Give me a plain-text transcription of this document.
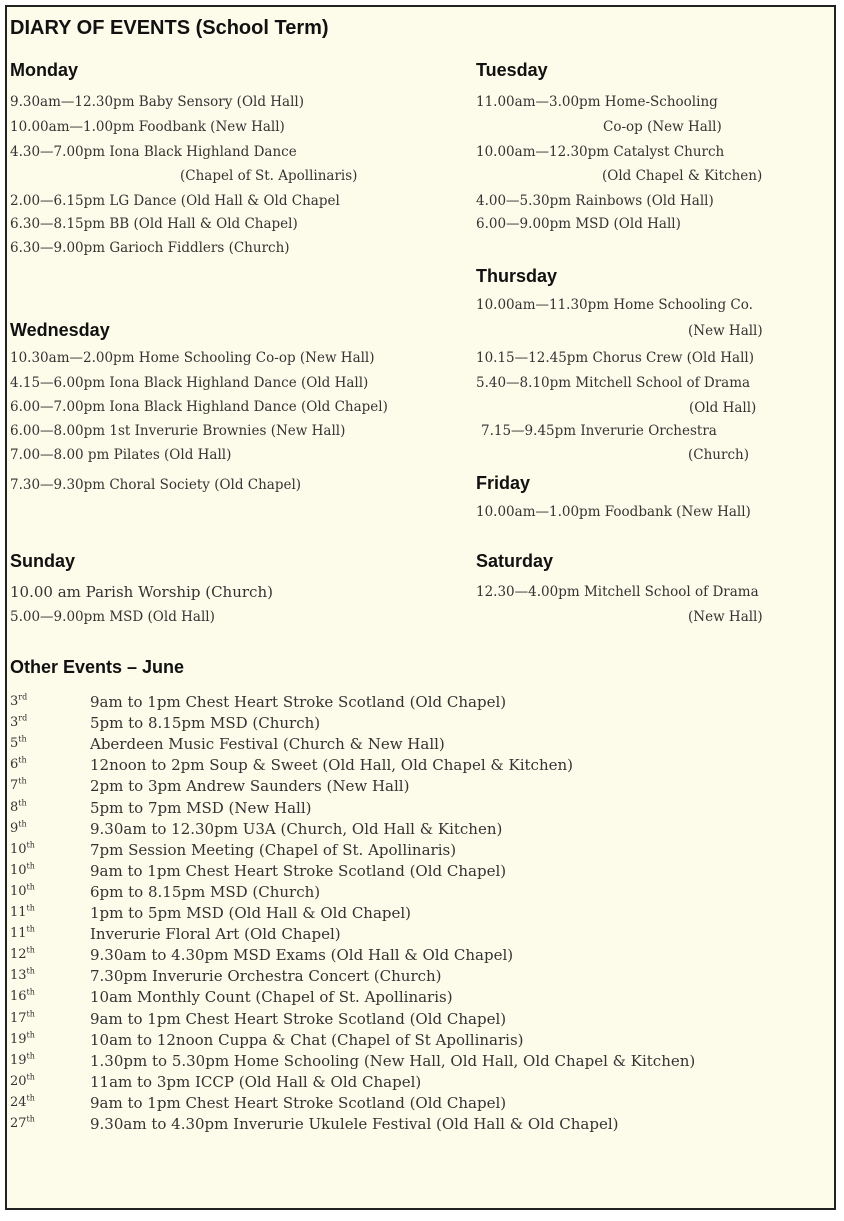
DIARY OF EVENTS (School Term)
Monday
9.30am—12.30pm Baby Sensory (Old Hall)
10.00am—1.00pm Foodbank (New Hall)
4.30—7.00pm Iona Black Highland Dance
(Chapel of St. Apollinaris)
2.00—6.15pm LG Dance (Old Hall & Old Chapel
6.30—8.15pm BB (Old Hall & Old Chapel)
6.30—9.00pm Garioch Fiddlers (Church)
Tuesday
11.00am—3.00pm Home-Schooling
Co-op (New Hall)
10.00am—12.30pm Catalyst Church
(Old Chapel & Kitchen)
4.00—5.30pm Rainbows (Old Hall)
6.00—9.00pm MSD (Old Hall)
Thursday
10.00am—11.30pm Home Schooling Co.
(New Hall)
10.15—12.45pm Chorus Crew (Old Hall)
5.40—8.10pm Mitchell School of Drama
(Old Hall)
7.15—9.45pm Inverurie Orchestra
(Church)
Wednesday
10.30am—2.00pm Home Schooling Co-op (New Hall)
4.15—6.00pm Iona Black Highland Dance (Old Hall)
6.00—7.00pm Iona Black Highland Dance (Old Chapel)
6.00—8.00pm 1st Inverurie Brownies (New Hall)
7.00—8.00 pm Pilates (Old Hall)
7.30—9.30pm Choral Society (Old Chapel)	Friday
10.00am—1.00pm Foodbank (New Hall)
Sunday
10.00 am Parish Worship (Church)
5.00—9.00pm MSD (Old Hall)
Saturday
12.30—4.00pm Mitchell School of Drama
(New Hall)
Other Events – June
3rd	9am to 1pm Chest Heart Stroke Scotland (Old Chapel)
3rd	5pm to 8.15pm MSD (Church)
5th	Aberdeen Music Festival (Church & New Hall)
6th	12noon to 2pm Soup & Sweet (Old Hall, Old Chapel & Kitchen)
7th	2pm to 3pm Andrew Saunders (New Hall)
8th	5pm to 7pm MSD (New Hall)
9th	9.30am to 12.30pm U3A (Church, Old Hall & Kitchen)
10th	7pm Session Meeting (Chapel of St. Apollinaris)
10th	9am to 1pm Chest Heart Stroke Scotland (Old Chapel)
10th	6pm to 8.15pm MSD (Church)
11th	1pm to 5pm MSD (Old Hall & Old Chapel)
11th	Inverurie Floral Art (Old Chapel)
12th	9.30am to 4.30pm MSD Exams (Old Hall & Old Chapel)
13th	7.30pm Inverurie Orchestra Concert (Church)
16th	10am Monthly Count (Chapel of St. Apollinaris)
17th	9am to 1pm Chest Heart Stroke Scotland (Old Chapel)
19th	10am to 12noon Cuppa & Chat (Chapel of St Apollinaris)
19th	1.30pm to 5.30pm Home Schooling (New Hall, Old Hall, Old Chapel & Kitchen)
20th	11am to 3pm ICCP (Old Hall & Old Chapel)
24th	9am to 1pm Chest Heart Stroke Scotland (Old Chapel)
27th	9.30am to 4.30pm Inverurie Ukulele Festival (Old Hall & Old Chapel)
